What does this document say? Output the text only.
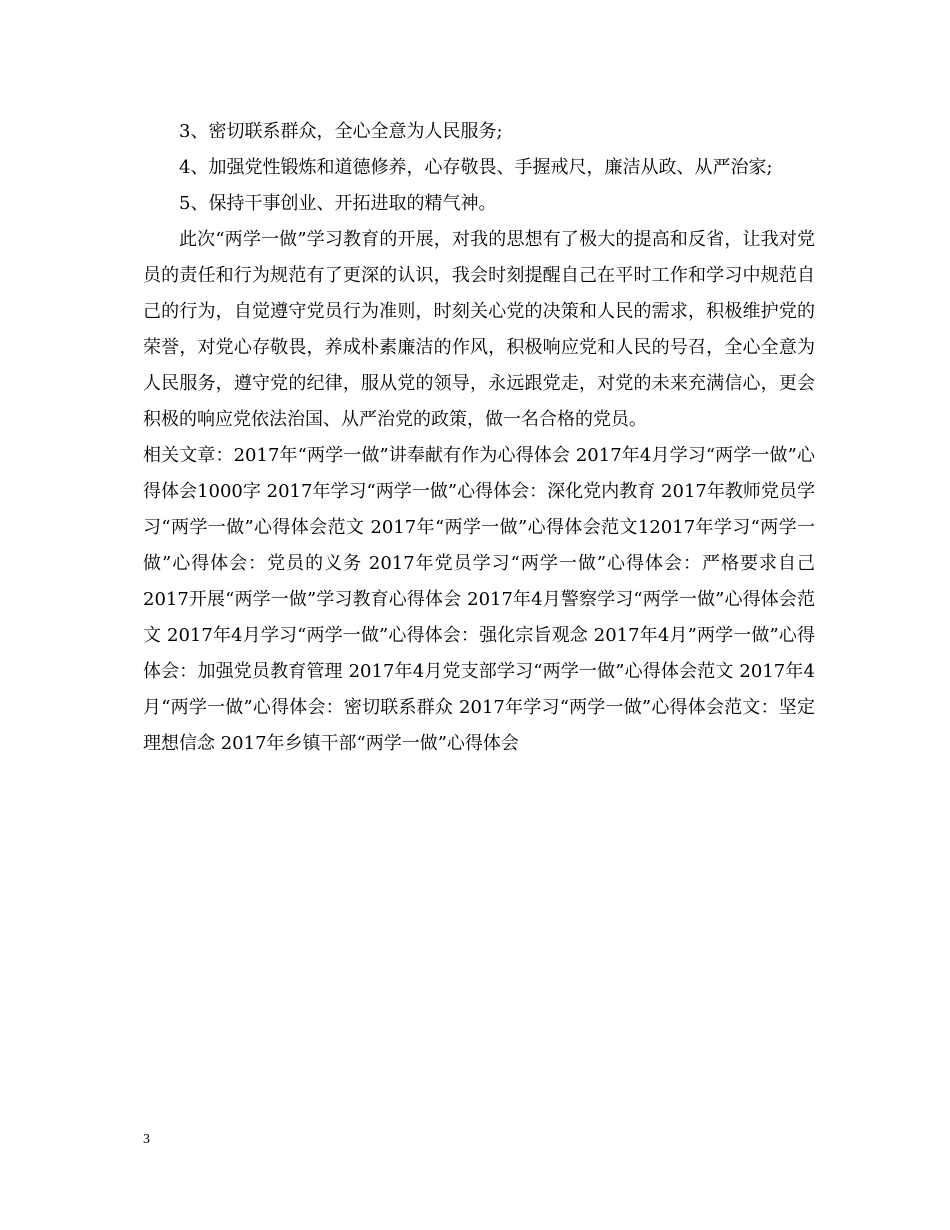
3、密切联系群众，全心全意为人民服务;

4、加强党性锻炼和道德修养，心存敬畏、手握戒尺，廉洁从政、从严治家;

5、保持干事创业、开拓进取的精气神。

此次“两学一做”学习教育的开展，对我的思想有了极大的提高和反省，让我对党员的责任和行为规范有了更深的认识，我会时刻提醒自己在平时工作和学习中规范自己的行为，自觉遵守党员行为准则，时刻关心党的决策和人民的需求，积极维护党的荣誉，对党心存敬畏，养成朴素廉洁的作风，积极响应党和人民的号召，全心全意为人民服务，遵守党的纪律，服从党的领导，永远跟党走，对党的未来充满信心，更会积极的响应党依法治国、从严治党的政策，做一名合格的党员。

相关文章：2017年“两学一做”讲奉献有作为心得体会 2017年4月学习“两学一做”心得体会1000字 2017年学习“两学一做”心得体会：深化党内教育 2017年教师党员学习“两学一做”心得体会范文 2017年“两学一做”心得体会范文12017年学习“两学一做”心得体会：党员的义务 2017年党员学习“两学一做”心得体会：严格要求自己 2017开展“两学一做”学习教育心得体会 2017年4月警察学习“两学一做”心得体会范文 2017年4月学习“两学一做”心得体会：强化宗旨观念 2017年4月”两学一做”心得体会：加强党员教育管理 2017年4月党支部学习“两学一做”心得体会范文 2017年4月“两学一做”心得体会：密切联系群众 2017年学习“两学一做”心得体会范文：坚定理想信念 2017年乡镇干部“两学一做”心得体会

3
